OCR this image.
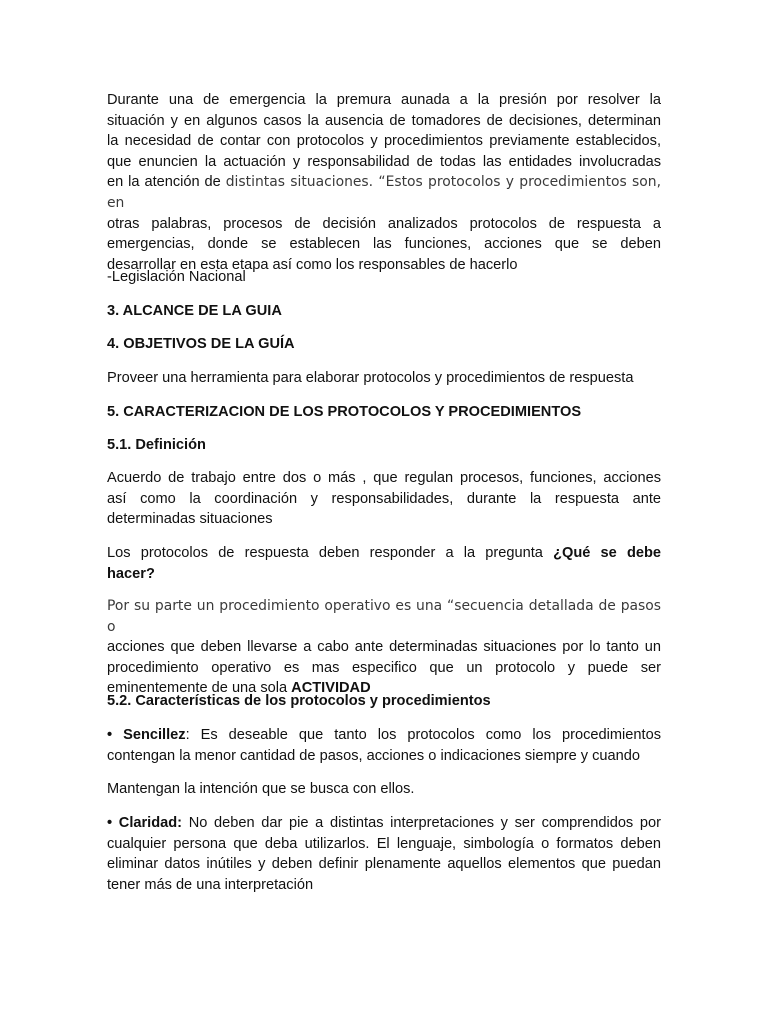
Durante una de emergencia la premura aunada a la presión por resolver la
situación y en algunos casos la ausencia de tomadores de decisiones, determinan
la necesidad de contar con protocolos y procedimientos previamente establecidos,
que enuncien la actuación y responsabilidad de todas las entidades involucradas
en la atención de distintas situaciones. “Estos protocolos y procedimientos son, en
otras palabras, procesos de decisión analizados protocolos de respuesta a
emergencias, donde se establecen las funciones, acciones que se deben
desarrollar en esta etapa así como los responsables de hacerlo
-Legislación Nacional
3. ALCANCE DE LA GUIA
4. OBJETIVOS DE LA GUÍA
Proveer una herramienta para elaborar protocolos y procedimientos de respuesta
5. CARACTERIZACION DE LOS PROTOCOLOS Y PROCEDIMIENTOS
5.1. Definición
Acuerdo de trabajo entre dos o más , que regulan procesos, funciones, acciones
así como la coordinación y responsabilidades, durante la respuesta ante
determinadas situaciones
Los protocolos de respuesta deben responder a la pregunta ¿Qué se debe
hacer?
Por su parte un procedimiento operativo es una “secuencia detallada de pasos o
acciones que deben llevarse a cabo ante determinadas situaciones por lo tanto un
procedimiento operativo es mas especifico que un protocolo y puede ser
eminentemente de una sola ACTIVIDAD
5.2. Características de los protocolos y procedimientos
• Sencillez: Es deseable que tanto los protocolos como los procedimientos
contengan la menor cantidad de pasos, acciones o indicaciones siempre y cuando
Mantengan la intención que se busca con ellos.
• Claridad: No deben dar pie a distintas interpretaciones y ser comprendidos por
cualquier persona que deba utilizarlos. El lenguaje, simbología o formatos deben
eliminar datos inútiles y deben definir plenamente aquellos elementos que puedan
tener más de una interpretación
